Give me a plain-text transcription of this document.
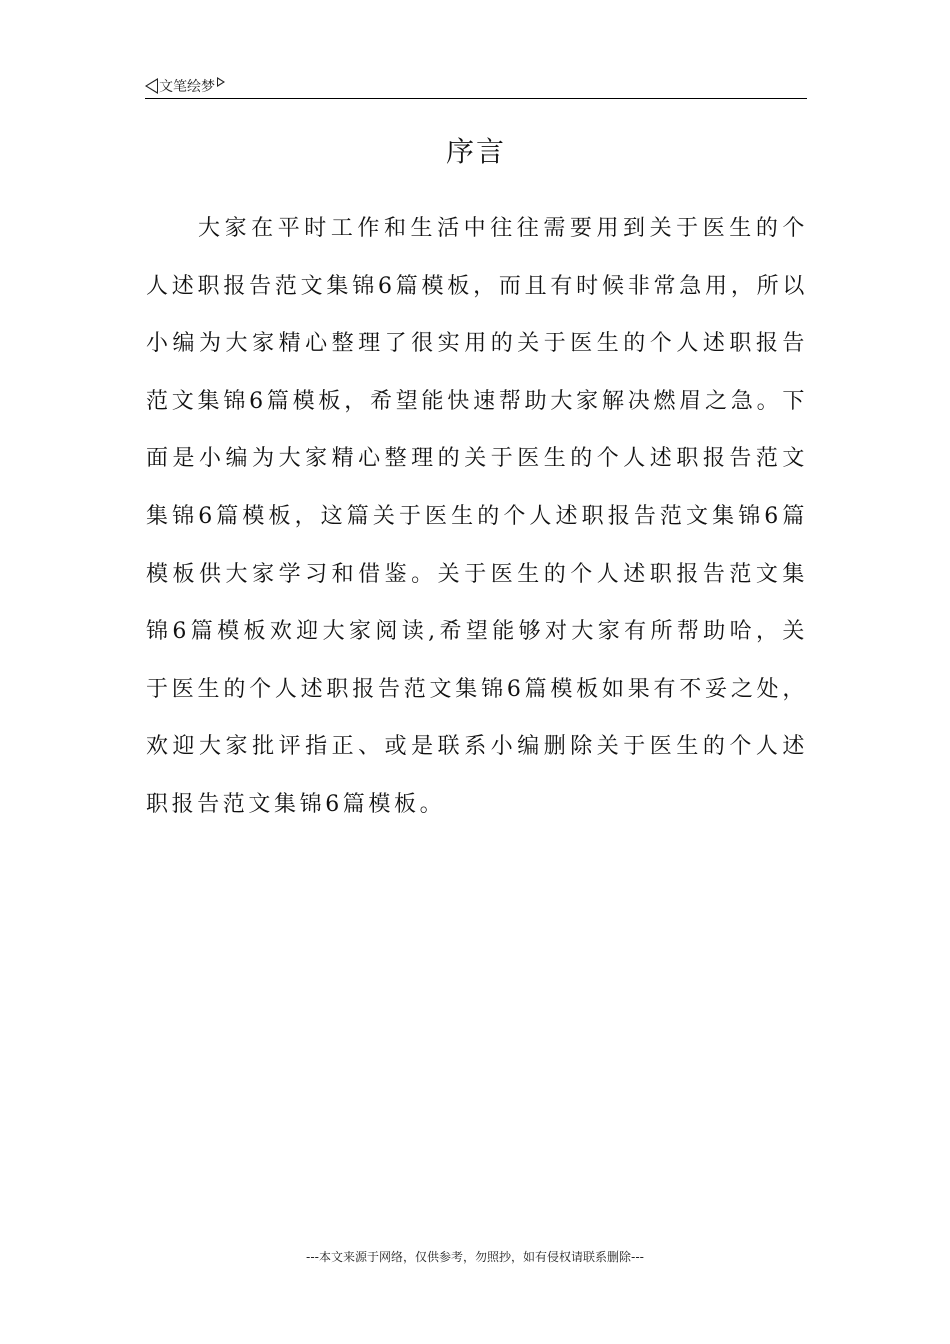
文笔绘梦
序言

大家在平时工作和生活中往往需要用到关于医生的个人述职报告范文集锦6篇模板，而且有时候非常急用，所以小编为大家精心整理了很实用的关于医生的个人述职报告范文集锦6篇模板，希望能快速帮助大家解决燃眉之急。下面是小编为大家精心整理的关于医生的个人述职报告范文集锦6篇模板，这篇关于医生的个人述职报告范文集锦6篇模板供大家学习和借鉴。关于医生的个人述职报告范文集锦6篇模板欢迎大家阅读,希望能够对大家有所帮助哈，关于医生的个人述职报告范文集锦6篇模板如果有不妥之处，欢迎大家批评指正、或是联系小编删除关于医生的个人述职报告范文集锦6篇模板。

---本文来源于网络，仅供参考，勿照抄，如有侵权请联系删除---
